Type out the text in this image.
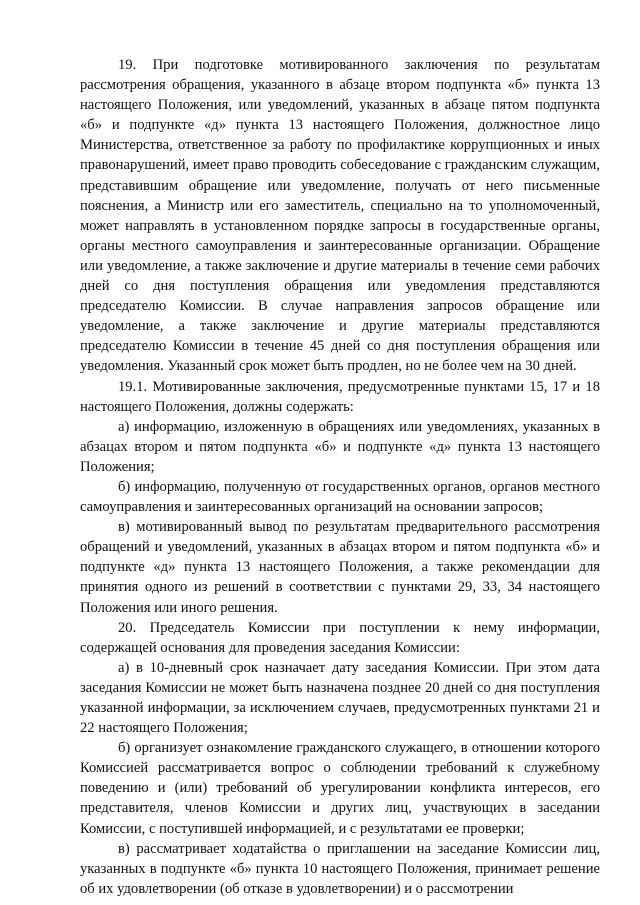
19. При подготовке мотивированного заключения по результатам рассмотрения обращения, указанного в абзаце втором подпункта «б» пункта 13 настоящего Положения, или уведомлений, указанных в абзаце пятом подпункта «б» и подпункте «д» пункта 13 настоящего Положения, должностное лицо Министерства, ответственное за работу по профилактике коррупционных и иных правонарушений, имеет право проводить собеседование с гражданским служащим, представившим обращение или уведомление, получать от него письменные пояснения, а Министр или его заместитель, специально на то уполномоченный, может направлять в установленном порядке запросы в государственные органы, органы местного самоуправления и заинтересованные организации. Обращение или уведомление, а также заключение и другие материалы в течение семи рабочих дней со дня поступления обращения или уведомления представляются председателю Комиссии. В случае направления запросов обращение или уведомление, а также заключение и другие материалы представляются председателю Комиссии в течение 45 дней со дня поступления обращения или уведомления. Указанный срок может быть продлен, но не более чем на 30 дней.

19.1. Мотивированные заключения, предусмотренные пунктами 15, 17 и 18 настоящего Положения, должны содержать:

а) информацию, изложенную в обращениях или уведомлениях, указанных в абзацах втором и пятом подпункта «б» и подпункте «д» пункта 13 настоящего Положения;

б) информацию, полученную от государственных органов, органов местного самоуправления и заинтересованных организаций на основании запросов;

в) мотивированный вывод по результатам предварительного рассмотрения обращений и уведомлений, указанных в абзацах втором и пятом подпункта «б» и подпункте «д» пункта 13 настоящего Положения, а также рекомендации для принятия одного из решений в соответствии с пунктами 29, 33, 34 настоящего Положения или иного решения.

20. Председатель Комиссии при поступлении к нему информации, содержащей основания для проведения заседания Комиссии:

а) в 10-дневный срок назначает дату заседания Комиссии. При этом дата заседания Комиссии не может быть назначена позднее 20 дней со дня поступления указанной информации, за исключением случаев, предусмотренных пунктами 21 и 22 настоящего Положения;

б) организует ознакомление гражданского служащего, в отношении которого Комиссией рассматривается вопрос о соблюдении требований к служебному поведению и (или) требований об урегулировании конфликта интересов, его представителя, членов Комиссии и других лиц, участвующих в заседании Комиссии, с поступившей информацией, и с результатами ее проверки;

в) рассматривает ходатайства о приглашении на заседание Комиссии лиц, указанных в подпункте «б» пункта 10 настоящего Положения, принимает решение об их удовлетворении (об отказе в удовлетворении) и о рассмотрении
